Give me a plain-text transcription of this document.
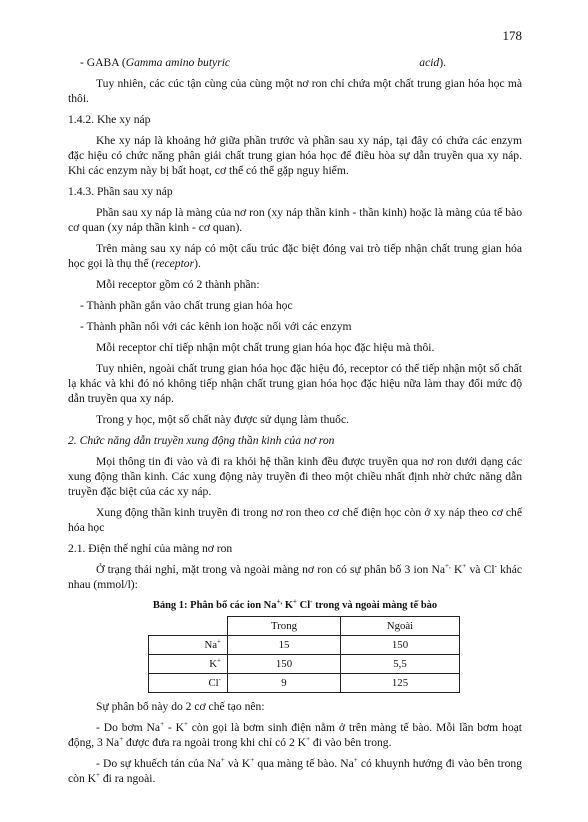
178
- GABA (Gamma amino butyric	acid).

Tuy nhiên, các cúc tận cùng của cùng một nơ ron chỉ chứa một chất trung gian hóa học mà thôi.

1.4.2. Khe xy náp

Khe xy náp là khoảng hở giữa phần trước và phần sau xy náp, tại đây có chứa các enzym đặc hiệu có chức năng phân giải chất trung gian hóa học để điều hòa sự dẫn truyền qua xy náp. Khi các enzym này bị bất hoạt, cơ thể có thể gặp nguy hiểm.

1.4.3. Phần sau xy náp

Phần sau xy náp là màng của nơ ron (xy náp thần kinh - thần kinh) hoặc là màng của tế bào cơ quan (xy náp thần kinh - cơ quan).

Trên màng sau xy náp có một cấu trúc đặc biệt đóng vai trò tiếp nhận chất trung gian hóa học gọi là thụ thể (receptor).

Mỗi receptor gồm có 2 thành phần:

- Thành phần gắn vào chất trung gian hóa học

- Thành phần nối với các kênh ion hoặc nối với các enzym

Mỗi receptor chỉ tiếp nhận một chất trung gian hóa học đặc hiệu mà thôi.

Tuy nhiên, ngoài chất trung gian hóa học đặc hiệu đó, receptor có thể tiếp nhận một số chất lạ khác và khi đó nó không tiếp nhận chất trung gian hóa học đặc hiệu nữa làm thay đổi mức độ dẫn truyền qua xy náp.

Trong y học, một số chất này được sử dụng làm thuốc.

2. Chức năng dẫn truyền xung động thần kinh của nơ ron

Mọi thông tin đi vào và đi ra khỏi hệ thần kinh đều được truyền qua nơ ron dưới dạng các xung động thần kinh. Các xung động này truyền đi theo một chiều nhất định nhờ chức năng dẫn truyền đặc biệt của các xy náp.

Xung động thần kinh truyền đi trong nơ ron theo cơ chế điện học còn ở xy náp theo cơ chế hóa học

2.1. Điện thế nghỉ của màng nơ ron

Ở trạng thái nghỉ, mặt trong và ngoài màng nơ ron có sự phân bố 3 ion Na+, K+ và Cl- khác nhau (mmol/l):

Bảng 1: Phân bố các ion Na+, K+ Cl- trong và ngoài màng tế bào
	Trong	Ngoài
Na+	15	150
K+	150	5,5
Cl-	9	125

Sự phân bố này do 2 cơ chế tạo nên:

- Do bơm Na+ - K+ còn gọi là bơm sinh điện nằm ở trên màng tế bào. Mỗi lần bơm hoạt động, 3 Na+ được đưa ra ngoài trong khi chỉ có 2 K+ đi vào bên trong.

- Do sự khuếch tán của Na+ và K+ qua màng tế bào. Na+ có khuynh hướng đi vào bên trong còn K+ đi ra ngoài.
